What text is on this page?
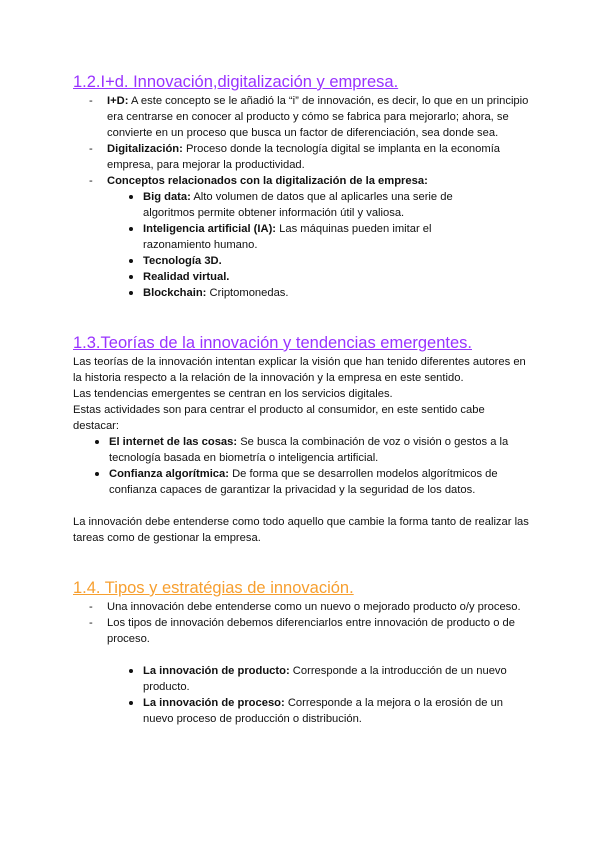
1.2.I+d. Innovación,digitalización y empresa.
- I+D: A este concepto se le añadió la “i” de innovación, es decir, lo que en un principio era centrarse en conocer al producto y cómo se fabrica para mejorarlo; ahora, se convierte en un proceso que busca un factor de diferenciación, sea donde sea.
- Digitalización: Proceso donde la tecnología digital se implanta en la economía empresa, para mejorar la productividad.
- Conceptos relacionados con la digitalización de la empresa:
Big data: Alto volumen de datos que al aplicarles una serie de algoritmos permite obtener información útil y valiosa.
Inteligencia artificial (IA): Las máquinas pueden imitar el razonamiento humano.
Tecnología 3D.
Realidad virtual.
Blockchain: Criptomonedas.
1.3.Teorías de la innovación y tendencias emergentes.

Las teorías de la innovación intentan explicar la visión que han tenido diferentes autores en la historia respecto a la relación de la innovación y la empresa en este sentido.

Las tendencias emergentes se centran en los servicios digitales.

Estas actividades son para centrar el producto al consumidor, en este sentido cabe destacar:

El internet de las cosas: Se busca la combinación de voz o visión o gestos a la tecnología basada en biometría o inteligencia artificial.
Confianza algorítmica: De forma que se desarrollen modelos algorítmicos de confianza capaces de garantizar la privacidad y la seguridad de los datos.

La innovación debe entenderse como todo aquello que cambie la forma tanto de realizar las tareas como de gestionar la empresa.

1.4. Tipos y estratégias de innovación.
- Una innovación debe entenderse como un nuevo o mejorado producto o/y proceso.
- Los tipos de innovación debemos diferenciarlos entre innovación de producto o de proceso.
La innovación de producto: Corresponde a la introducción de un nuevo producto.
La innovación de proceso: Corresponde a la mejora o la erosión de un nuevo proceso de producción o distribución.
